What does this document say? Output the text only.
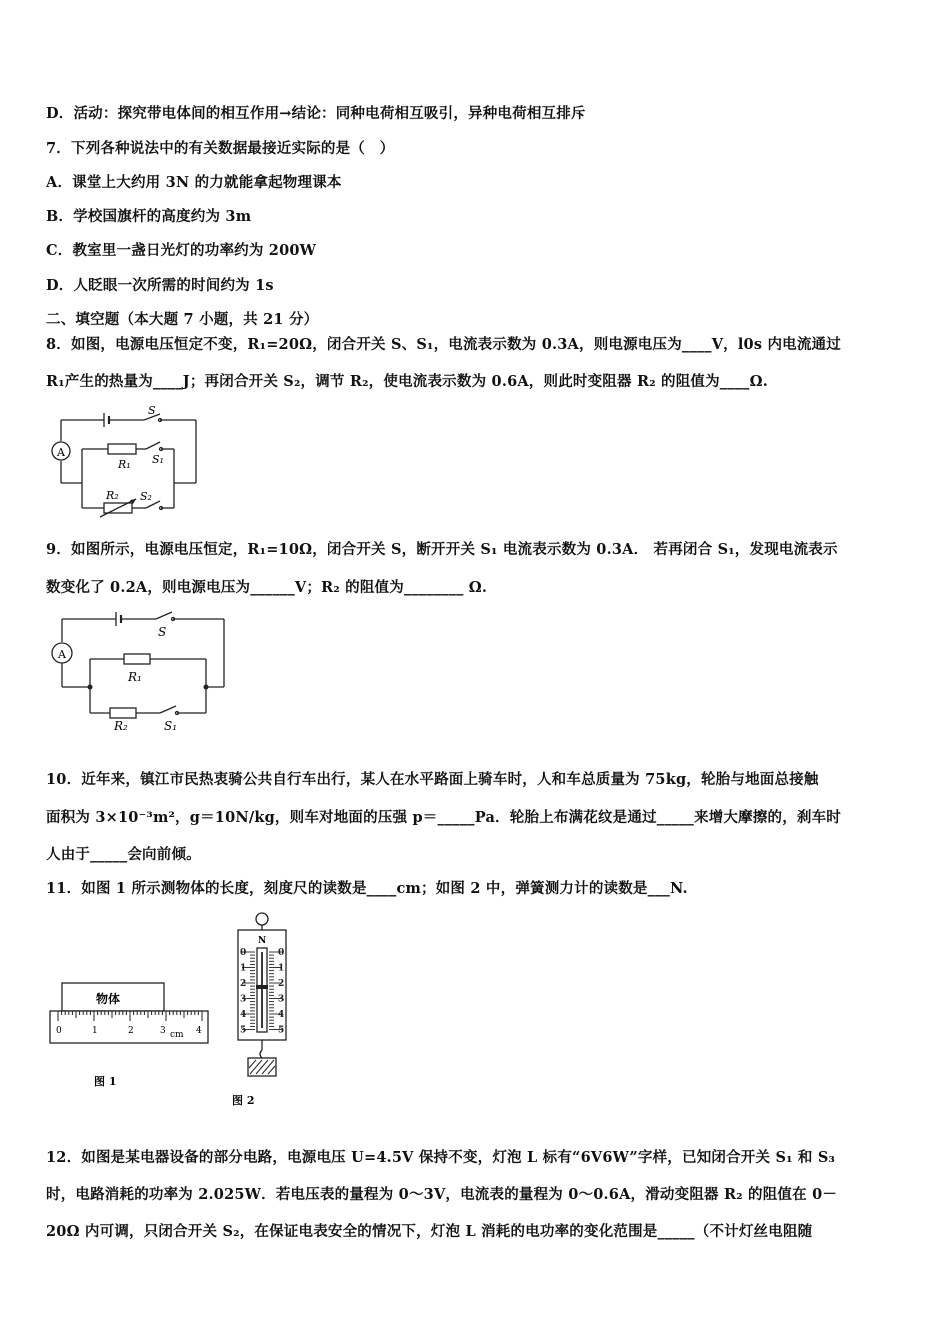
D．活动：探究带电体间的相互作用→结论：同种电荷相互吸引，异种电荷相互排斥
7．下列各种说法中的有关数据最接近实际的是（　）
A．课堂上大约用 3N 的力就能拿起物理课本
B．学校国旗杆的高度约为 3m
C．教室里一盏日光灯的功率约为 200W
D．人眨眼一次所需的时间约为 1s
二、填空题（本大题 7 小题，共 21 分）
8．如图，电源电压恒定不变，R₁=20Ω，闭合开关 S、S₁，电流表示数为 0.3A，则电源电压为____V，l0s 内电流通过
R₁产生的热量为____J；再闭合开关 S₂，调节 R₂，使电流表示数为 0.6A，则此时变阻器 R₂ 的阻值为____Ω.
A
S
R₁ S₁
R₂ S₂
9．如图所示，电源电压恒定，R₁=10Ω，闭合开关 S，断开开关 S₁ 电流表示数为 0.3A． 若再闭合 S₁，发现电流表示
数变化了 0.2A，则电源电压为______V；R₂ 的阻值为________ Ω.
A
S
R₁
R₂	S₁
10．近年来，镇江市民热衷骑公共自行车出行，某人在水平路面上骑车时，人和车总质量为 75kg，轮胎与地面总接触
面积为 3×10⁻³m²，g＝10N/kg，则车对地面的压强 p＝_____Pa．轮胎上布满花纹是通过_____来增大摩擦的，刹车时
人由于_____会向前倾。
11．如图 1 所示测物体的长度，刻度尺的读数是____cm；如图 2 中，弹簧测力计的读数是___N.
物体
0	1	2	3	4
cm
图 1
N
0	0
1	1
2	2
3	3
4	4
5	5
图 2
12．如图是某电器设备的部分电路，电源电压 U=4.5V 保持不变，灯泡 L 标有“6V6W”字样，已知闭合开关 S₁ 和 S₃
时，电路消耗的功率为 2.025W．若电压表的量程为 0～3V，电流表的量程为 0～0.6A，滑动变阻器 R₂ 的阻值在 0－
20Ω 内可调，只闭合开关 S₂，在保证电表安全的情况下，灯泡 L 消耗的电功率的变化范围是_____（不计灯丝电阻随
